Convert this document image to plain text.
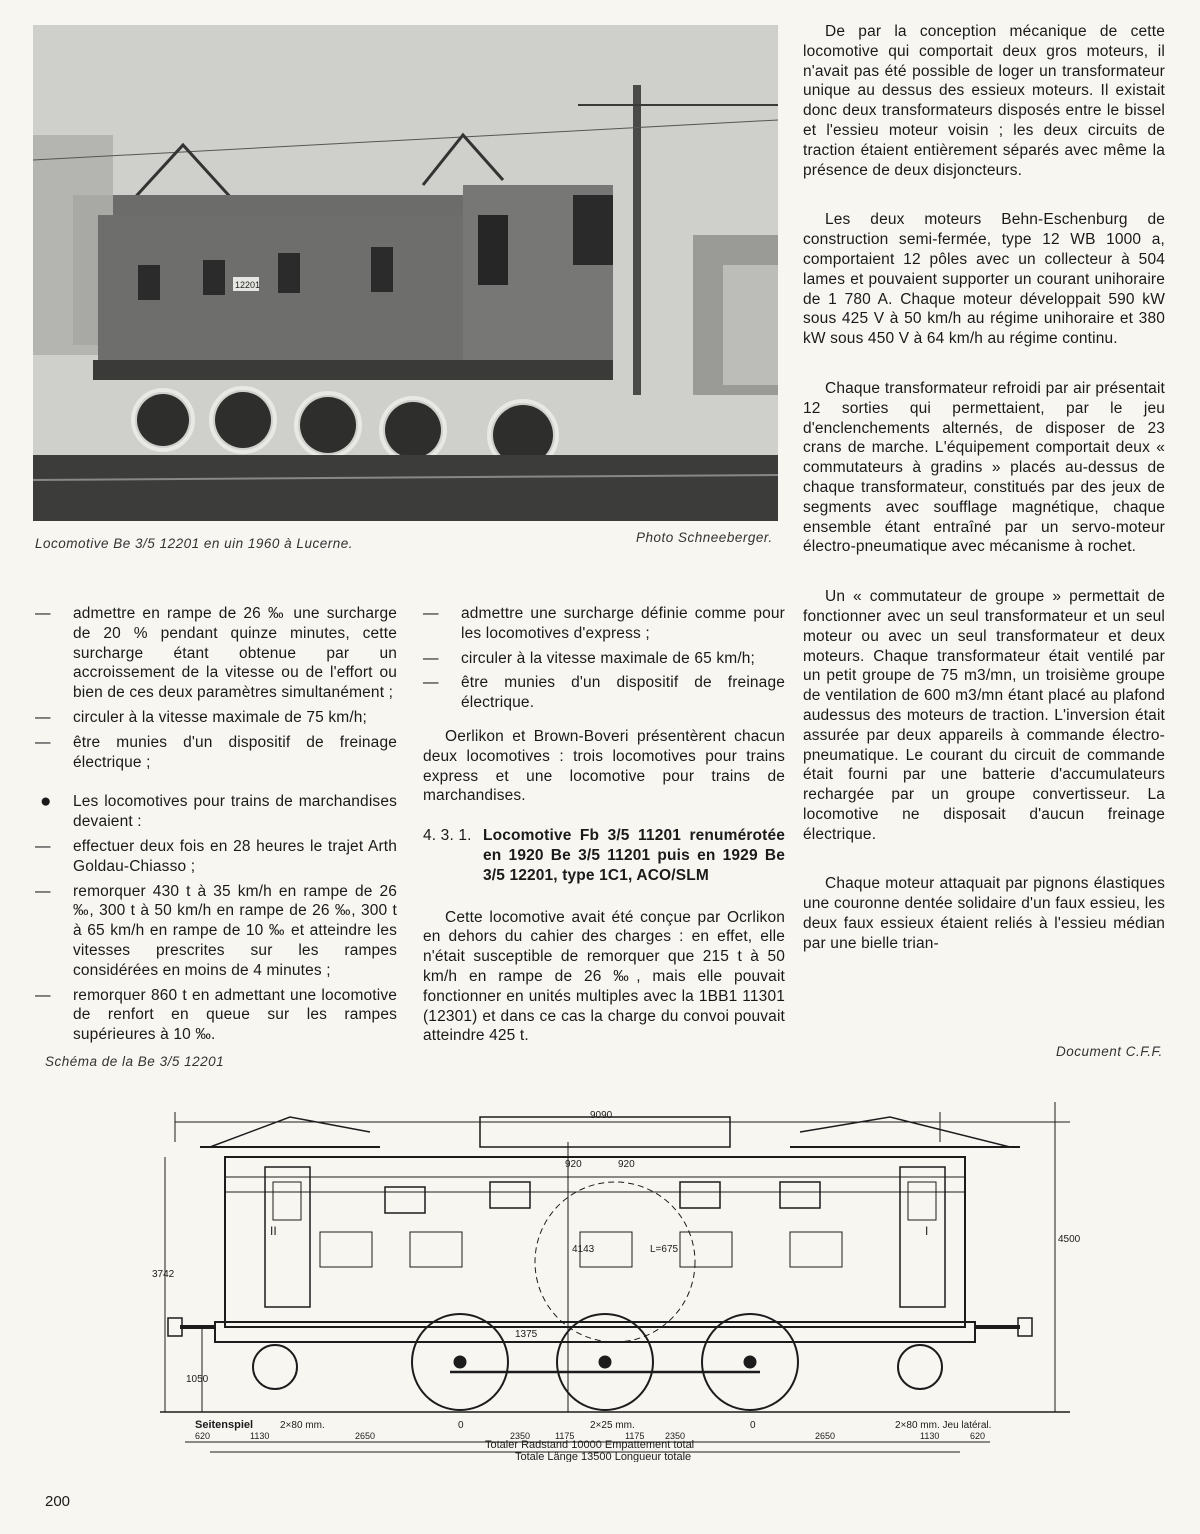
12201
Locomotive Be 3/5 12201 en uin 1960 à Lucerne.	Photo Schneeberger.

De par la conception mécanique de cette locomotive qui comportait deux gros moteurs, il n'avait pas été possible de loger un transformateur unique au dessus des essieux moteurs. Il existait donc deux transformateurs disposés entre le bissel et l'essieu moteur voisin ; les deux circuits de traction étaient entièrement séparés avec même la présence de deux disjoncteurs.

Les deux moteurs Behn-Eschenburg de construction semi-fermée, type 12 WB 1000 a, comportaient 12 pôles avec un collecteur à 504 lames et pouvaient supporter un courant unihoraire de 1 780 A. Chaque moteur développait 590 kW sous 425 V à 50 km/h au régime unihoraire et 380 kW sous 450 V à 64 km/h au régime continu.

Chaque transformateur refroidi par air présentait 12 sorties qui permettaient, par le jeu d'enclenchements alternés, de disposer de 23 crans de marche. L'équipement comportait deux « commutateurs à gradins » placés au-dessus de chaque transformateur, constitués par des jeux de segments avec soufflage magnétique, chaque ensemble étant entraîné par un servo-moteur électro-pneumatique avec mécanisme à rochet.

Un « commutateur de groupe » permettait de fonctionner avec un seul transformateur et un seul moteur ou avec un seul transformateur et deux moteurs. Chaque transformateur était ventilé par un petit groupe de 75 m3/mn, un troisième groupe de ventilation de 600 m3/mn étant placé au plafond audessus des moteurs de traction. L'inversion était assurée par deux appareils à commande électro-pneumatique. Le courant du circuit de commande était fourni par une batterie d'accumulateurs rechargée par un groupe convertisseur. La locomotive ne disposait d'aucun freinage électrique.

Chaque moteur attaquait par pignons élastiques une couronne dentée solidaire d'un faux essieu, les deux faux essieux étaient reliés à l'essieu médian par une bielle trian-

—	admettre en rampe de 26 ‰ une surcharge de 20 % pendant quinze minutes, cette surcharge étant obtenue par un accroissement de la vitesse ou de l'effort ou bien de ces deux paramètres simultanément ;
—	circuler à la vitesse maximale de 75 km/h;
—	être munies d'un dispositif de freinage électrique ;
●	Les locomotives pour trains de marchandises devaient :
—	effectuer deux fois en 28 heures le trajet Arth Goldau-Chiasso ;
—	remorquer 430 t à 35 km/h en rampe de 26 ‰, 300 t à 50 km/h en rampe de 26 ‰, 300 t à 65 km/h en rampe de 10 ‰ et atteindre les vitesses prescrites sur les rampes considérées en moins de 4 minutes ;
—	remorquer 860 t en admettant une locomotive de renfort en queue sur les rampes supérieures à 10 ‰.
—	admettre une surcharge définie comme pour les locomotives d'express ;
—	circuler à la vitesse maximale de 65 km/h;
—	être munies d'un dispositif de freinage électrique.

Oerlikon et Brown-Boveri présentèrent chacun deux locomotives : trois locomotives pour trains express et une locomotive pour trains de marchandises.

4. 3. 1. Locomotive Fb 3/5 11201 renumérotée en 1920 Be 3/5 11201 puis en 1929 Be 3/5 12201, type 1C1, ACO/SLM

Cette locomotive avait été conçue par Ocrlikon en dehors du cahier des charges : en effet, elle n'était susceptible de remorquer que 215 t à 50 km/h en rampe de 26 ‰, mais elle pouvait fonctionner en unités multiples avec la 1BB1 11301 (12301) et dans ce cas la charge du convoi pouvait atteindre 425 t.

Schéma de la Be 3/5 12201
Document C.F.F.
9090
3742
4500
4143
1050
920	920
1375
L=675
II	I
Seitenspiel	2×80 mm.	2×25 mm.	2×80 mm. Jeu latéral.
0	0
620	1130	2650	2350	1175	1175 2350	2650	1130	620
Totaler Radstand 10000 Empattement total
Totale Länge 13500 Longueur totale
200
